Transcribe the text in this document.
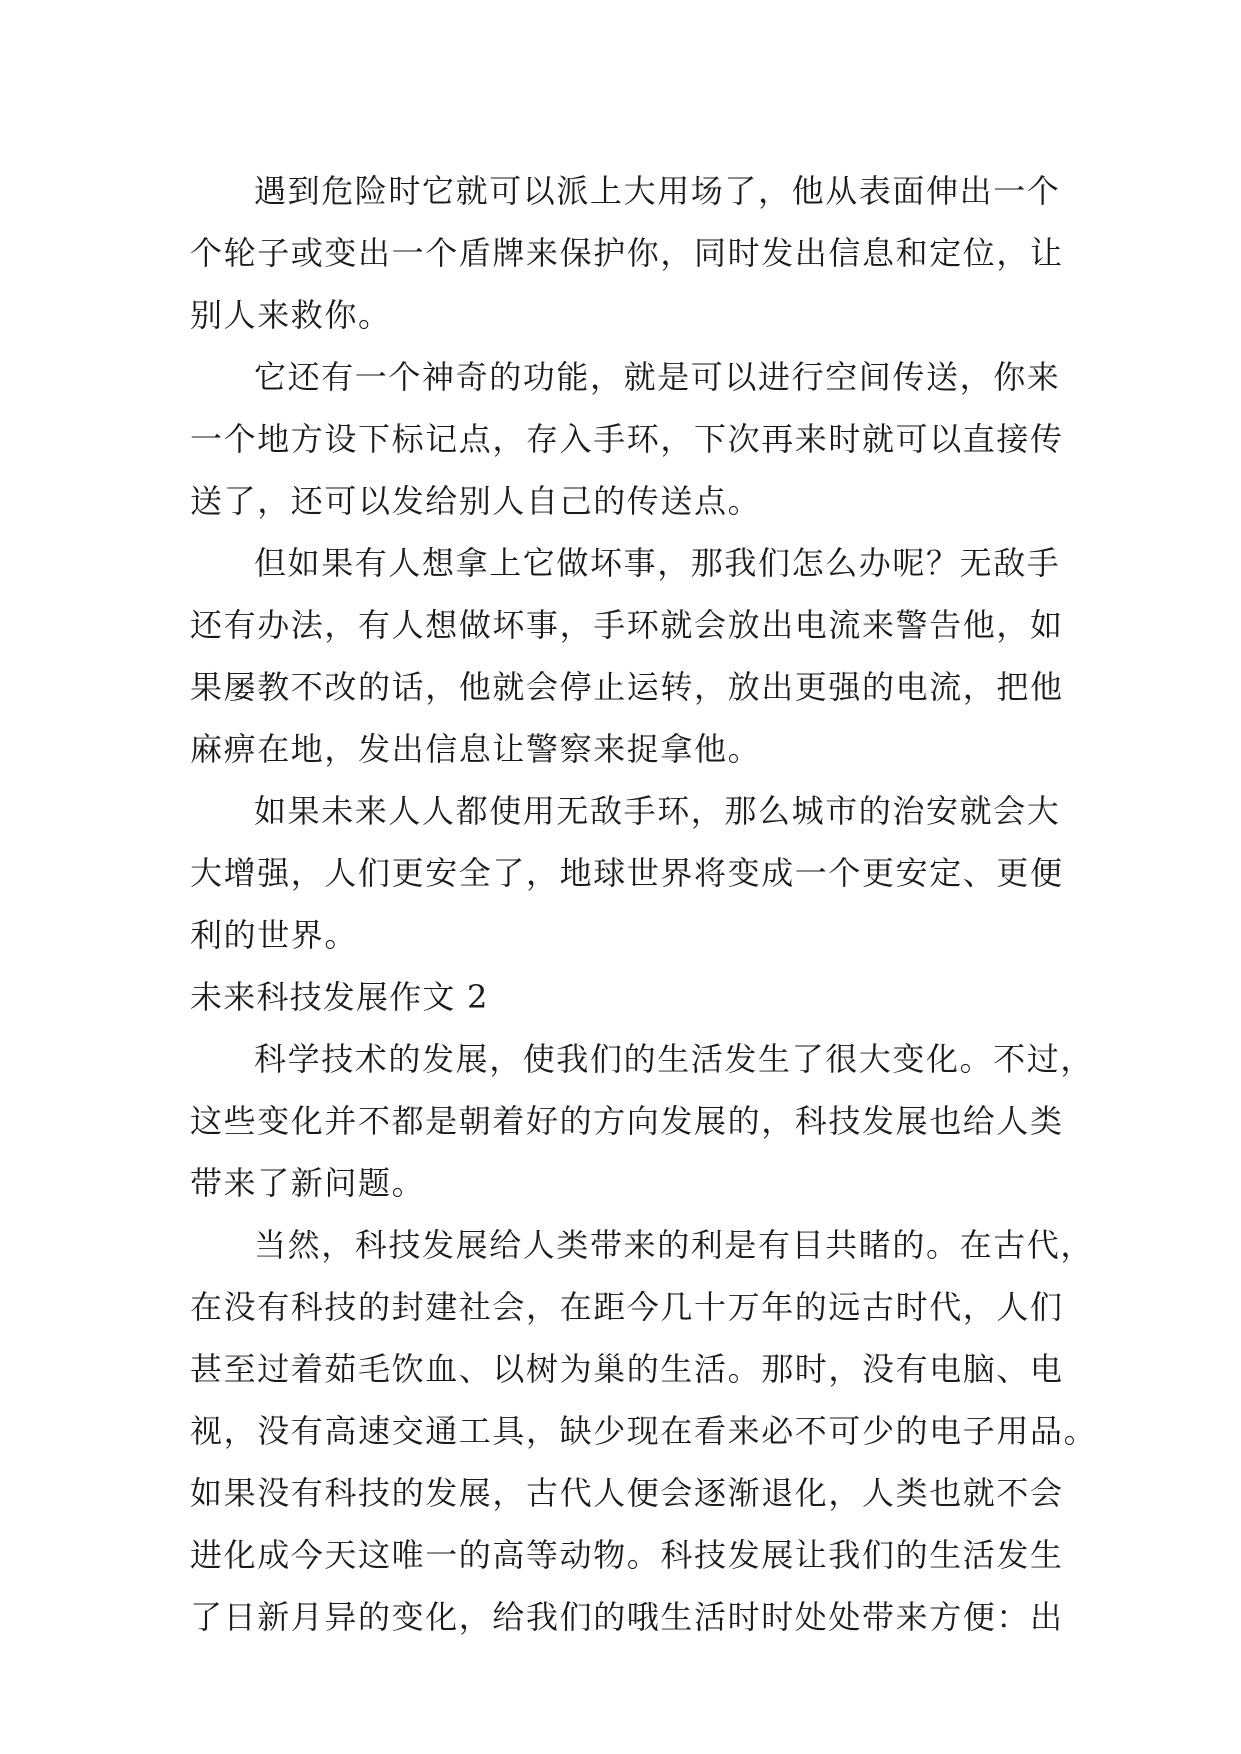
遇到危险时它就可以派上大用场了，他从表面伸出一个
个轮子或变出一个盾牌来保护你，同时发出信息和定位，让
别人来救你。
它还有一个神奇的功能，就是可以进行空间传送，你来
一个地方设下标记点，存入手环，下次再来时就可以直接传
送了，还可以发给别人自己的传送点。
但如果有人想拿上它做坏事，那我们怎么办呢？无敌手
还有办法，有人想做坏事，手环就会放出电流来警告他，如
果屡教不改的话，他就会停止运转，放出更强的电流，把他
麻痹在地，发出信息让警察来捉拿他。
如果未来人人都使用无敌手环，那么城市的治安就会大
大增强，人们更安全了，地球世界将变成一个更安定、更便
利的世界。
未来科技发展作文 2
科学技术的发展，使我们的生活发生了很大变化。不过，
这些变化并不都是朝着好的方向发展的，科技发展也给人类
带来了新问题。
当然，科技发展给人类带来的利是有目共睹的。在古代，
在没有科技的封建社会，在距今几十万年的远古时代，人们
甚至过着茹毛饮血、以树为巢的生活。那时，没有电脑、电
视，没有高速交通工具，缺少现在看来必不可少的电子用品。
如果没有科技的发展，古代人便会逐渐退化，人类也就不会
进化成今天这唯一的高等动物。科技发展让我们的生活发生
了日新月异的变化，给我们的哦生活时时处处带来方便：出
